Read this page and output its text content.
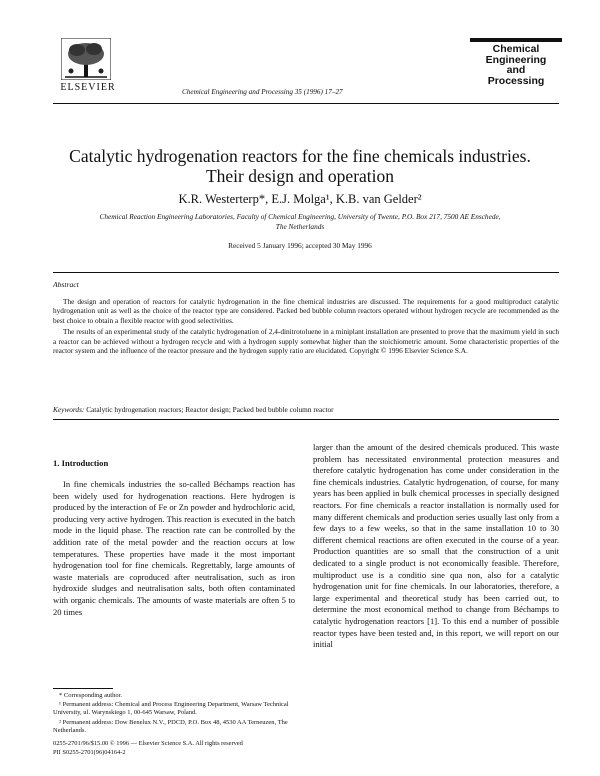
ELSEVIER	Chemical Engineering and Processing 35 (1996) 17–27
Chemical
Engineering
and
Processing
Catalytic hydrogenation reactors for the fine chemicals industries.
Their design and operation
K.R. Westerterp*, E.J. Molga¹, K.B. van Gelder²
Chemical Reaction Engineering Laboratories, Faculty of Chemical Engineering, University of Twente, P.O. Box 217, 7500 AE Enschede,
The Netherlands
Received 5 January 1996; accepted 30 May 1996
Abstract

The design and operation of reactors for catalytic hydrogenation in the fine chemical industries are discussed. The requirements for a good multiproduct catalytic hydrogenation unit as well as the choice of the reactor type are considered. Packed bed bubble column reactors operated without hydrogen recycle are recommended as the best choice to obtain a flexible reactor with good selectivities.

The results of an experimental study of the catalytic hydrogenation of 2,4-dinitrotoluene in a miniplant installation are presented to prove that the maximum yield in such a reactor can be achieved without a hydrogen recycle and with a hydrogen supply somewhat higher than the stoichiometric amount. Some characteristic properties of the reactor system and the influence of the reactor pressure and the hydrogen supply ratio are elucidated. Copyright © 1996 Elsevier Science S.A.

Keywords: Catalytic hydrogenation reactors; Reactor design; Packed bed bubble column reactor
1. Introduction

In fine chemicals industries the so-called Béchamps reaction has been widely used for hydrogenation reactions. Here hydrogen is produced by the interaction of Fe or Zn powder and hydrochloric acid, producing very active hydrogen. This reaction is executed in the batch mode in the liquid phase. The reaction rate can be controlled by the addition rate of the metal powder and the reaction occurs at low temperatures. These properties have made it the most important hydrogenation tool for fine chemicals. Regrettably, large amounts of waste materials are coproduced after neutralisation, such as iron hydroxide sludges and neutralisation salts, both often contaminated with organic chemicals. The amounts of waste materials are often 5 to 20 times

larger than the amount of the desired chemicals produced. This waste problem has necessitated environmental protection measures and therefore catalytic hydrogenation has come under consideration in the fine chemicals industries. Catalytic hydrogenation, of course, for many years has been applied in bulk chemical processes in specially designed reactors. For fine chemicals a reactor installation is normally used for many different chemicals and production series usually last only from a few days to a few weeks, so that in the same installation 10 to 30 different chemical reactions are often executed in the course of a year. Production quantities are so small that the construction of a unit dedicated to a single product is not economically feasible. Therefore, multiproduct use is a conditio sine qua non, also for a catalytic hydrogenation unit for fine chemicals. In our laboratories, therefore, a large experimental and theoretical study has been carried out, to determine the most economical method to change from Béchamps to catalytic hydrogenation reactors [1]. To this end a number of possible reactor types have been tested and, in this report, we will report on our initial

* Corresponding author.

¹ Permanent address: Chemical and Process Engineering Department, Warsaw Technical University, ul. Warynskiego 1, 00-645 Warsaw, Poland.

² Permanent address: Dow Benelux N.V., PDCD, P.O. Box 48, 4530 AA Terneuzen, The Netherlands.

0255-2701/96/$15.00 © 1996 — Elsevier Science S.A. All rights reserved
PII S0255-2701(96)04164-2
